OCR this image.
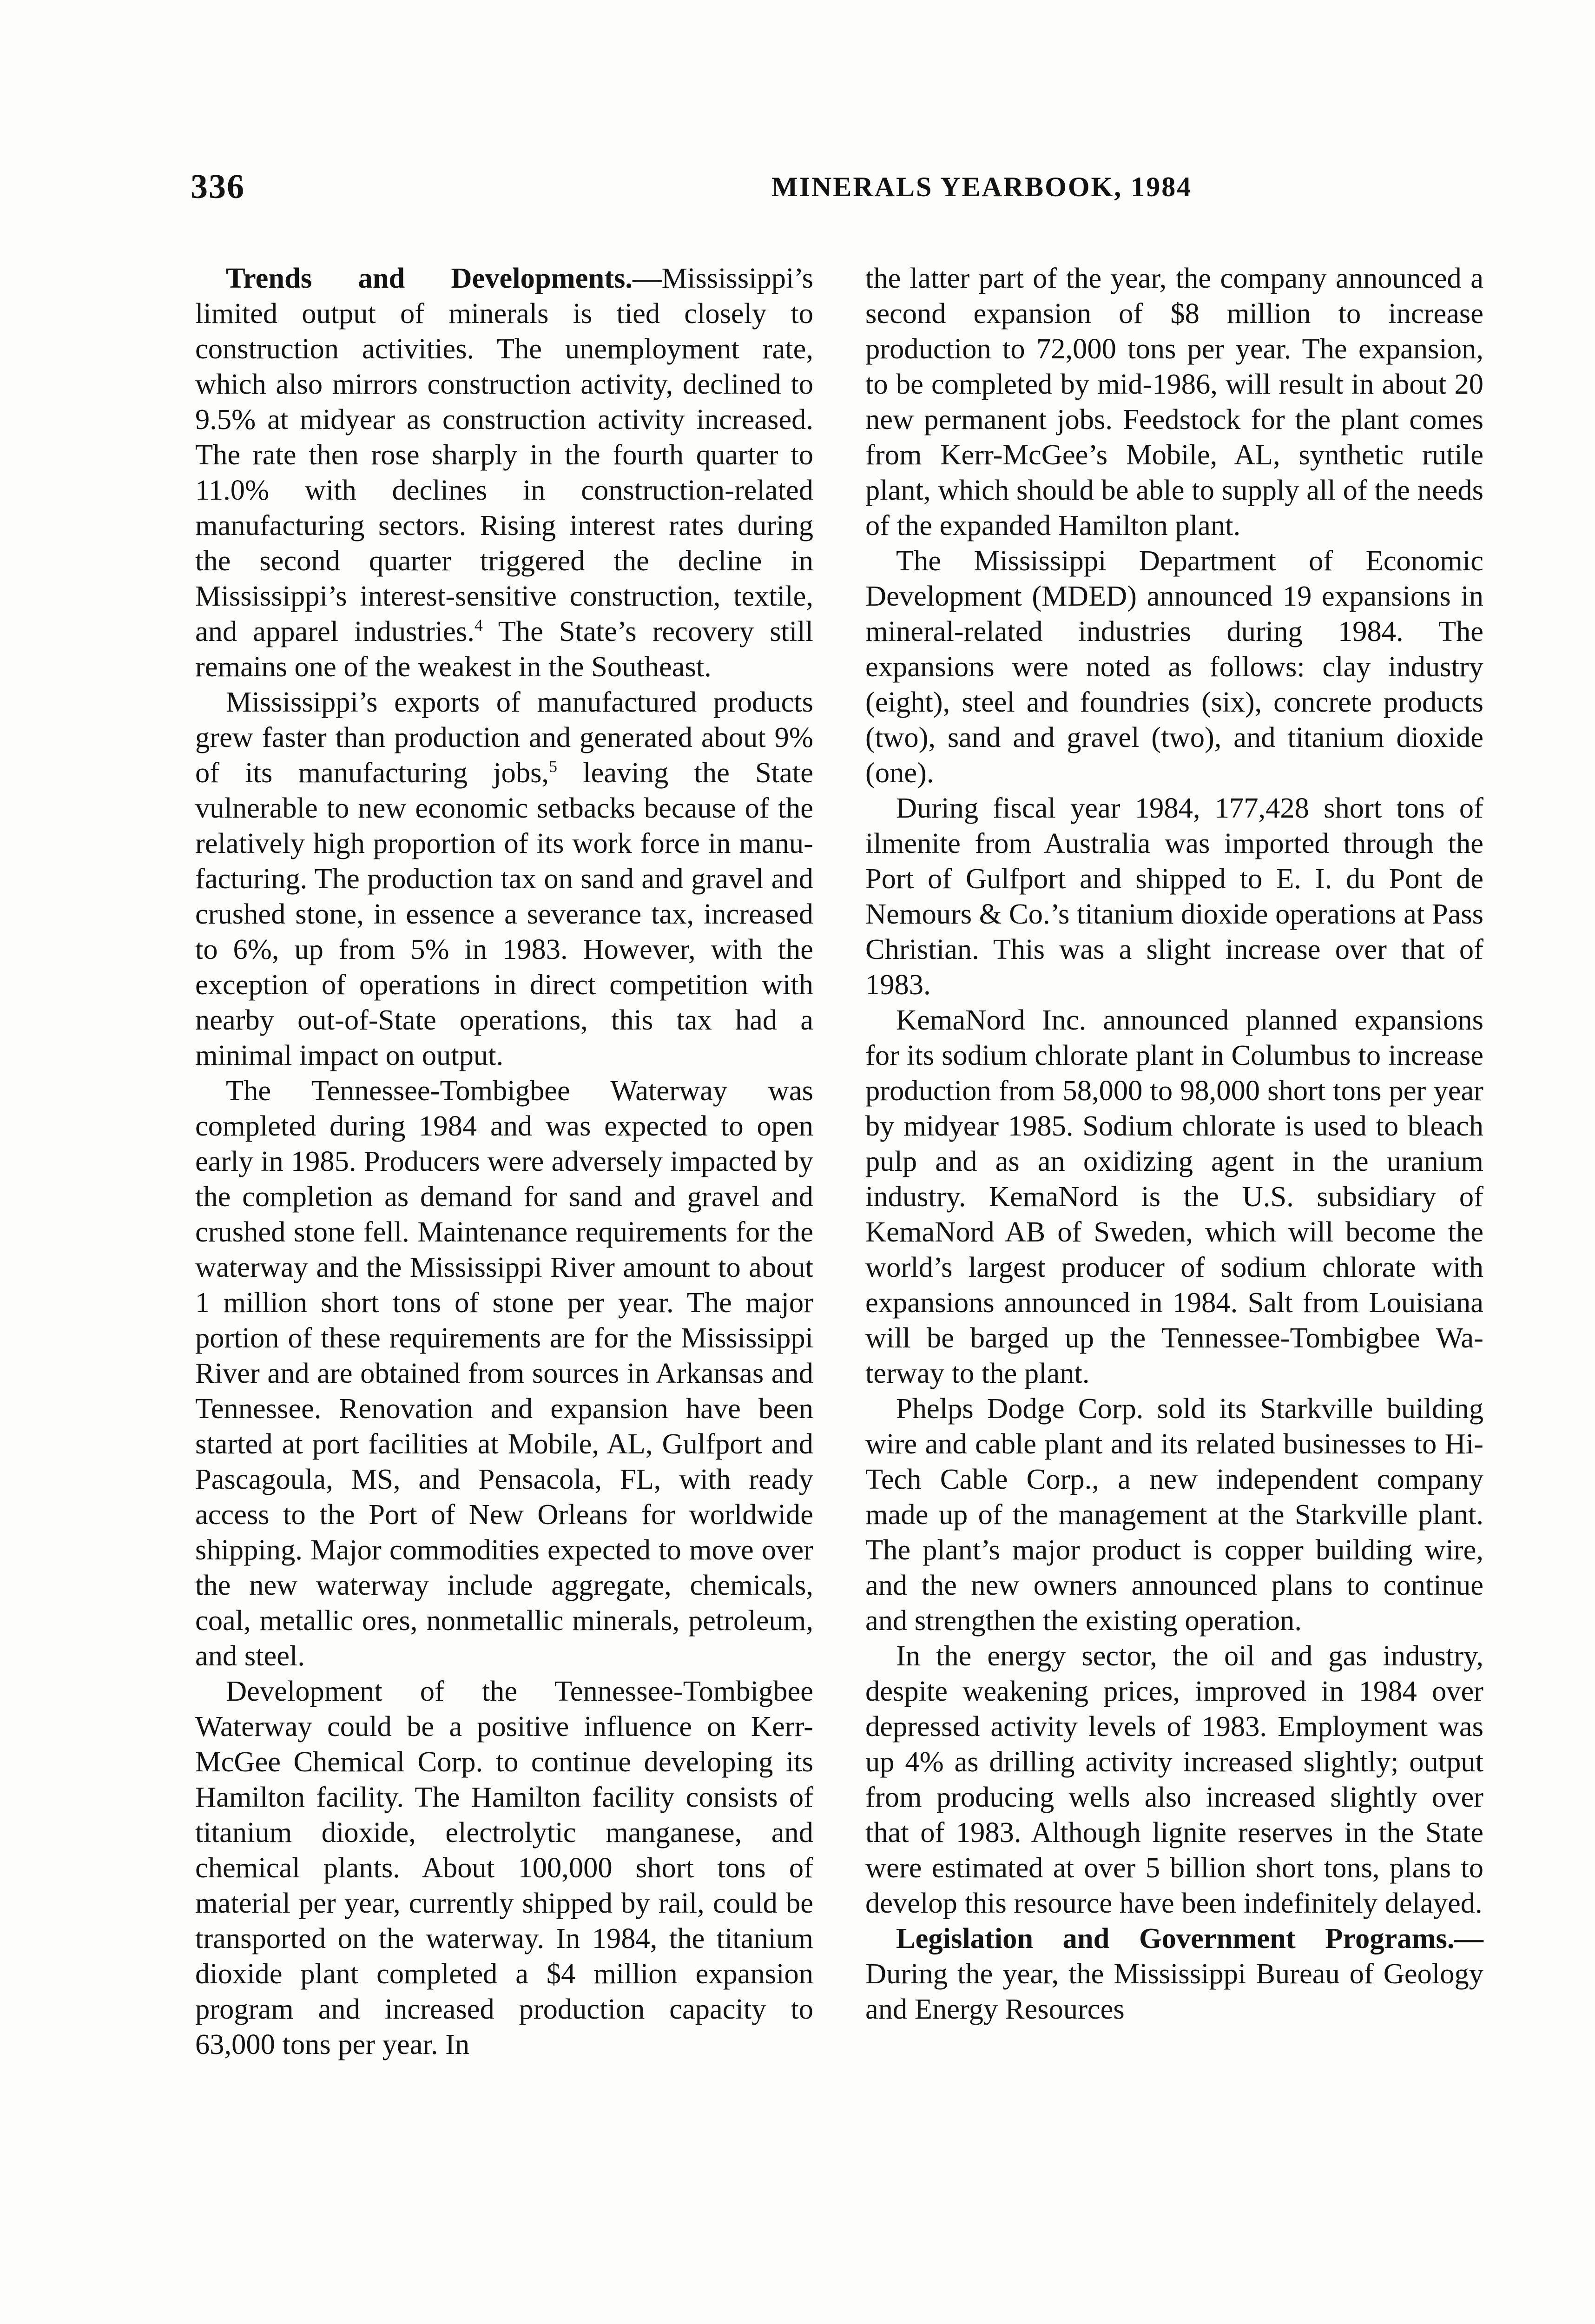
336	MINERALS YEARBOOK, 1984

Trends and Developments.—Mississippi’s limited output of minerals is tied closely to construction activities. The unemployment rate, which also mirrors construction activity, declined to 9.5% at midyear as construction activity increased. The rate then rose sharply in the fourth quarter to 11.0% with declines in construction-related manufacturing sectors. Rising interest rates during the second quarter triggered the decline in Mississippi’s interest-sensitive construction, textile, and apparel industries.$^4$ The State’s recovery still remains one of the weakest in the Southeast.

Mississippi’s exports of manufactured products grew faster than production and generated about 9% of its manufacturing jobs,$^5$ leaving the State vulnerable to new economic setbacks because of the relatively high proportion of its work force in manufacturing. The production tax on sand and gravel and crushed stone, in essence a severance tax, increased to 6%, up from 5% in 1983. However, with the exception of operations in direct competition with nearby out-of-State operations, this tax had a minimal impact on output.

The Tennessee-Tombigbee Waterway was completed during 1984 and was expected to open early in 1985. Producers were adversely impacted by the completion as demand for sand and gravel and crushed stone fell. Maintenance requirements for the waterway and the Mississippi River amount to about 1 million short tons of stone per year. The major portion of these requirements are for the Mississippi River and are obtained from sources in Arkansas and Tennessee. Renovation and expansion have been started at port facilities at Mobile, AL, Gulfport and Pascagoula, MS, and Pensacola, FL, with ready access to the Port of New Orleans for worldwide shipping. Major commodities expected to move over the new waterway include aggregate, chemicals, coal, metallic ores, nonmetallic minerals, petroleum, and steel.

Development of the Tennessee-Tombigbee Waterway could be a positive influence on Kerr-McGee Chemical Corp. to continue developing its Hamilton facility. The Hamilton facility consists of titanium dioxide, electrolytic manganese, and chemical plants. About 100,000 short tons of material per year, currently shipped by rail, could be transported on the waterway. In 1984, the titanium dioxide plant completed a $4 million expansion program and increased production capacity to 63,000 tons per year. In

the latter part of the year, the company announced a second expansion of $8 million to increase production to 72,000 tons per year. The expansion, to be completed by mid-1986, will result in about 20 new permanent jobs. Feedstock for the plant comes from Kerr-McGee’s Mobile, AL, synthetic rutile plant, which should be able to supply all of the needs of the expanded Hamilton plant.

The Mississippi Department of Economic Development (MDED) announced 19 expansions in mineral-related industries during 1984. The expansions were noted as follows: clay industry (eight), steel and foundries (six), concrete products (two), sand and gravel (two), and titanium dioxide (one).

During fiscal year 1984, 177,428 short tons of ilmenite from Australia was imported through the Port of Gulfport and shipped to E. I. du Pont de Nemours & Co.’s titanium dioxide operations at Pass Christian. This was a slight increase over that of 1983.

KemaNord Inc. announced planned expansions for its sodium chlorate plant in Columbus to increase production from 58,000 to 98,000 short tons per year by midyear 1985. Sodium chlorate is used to bleach pulp and as an oxidizing agent in the uranium industry. KemaNord is the U.S. subsidiary of KemaNord AB of Sweden, which will become the world’s largest producer of sodium chlorate with expansions announced in 1984. Salt from Louisiana will be barged up the Tennessee-Tombigbee Waterway to the plant.

Phelps Dodge Corp. sold its Starkville building wire and cable plant and its related businesses to Hi-Tech Cable Corp., a new independent company made up of the management at the Starkville plant. The plant’s major product is copper building wire, and the new owners announced plans to continue and strengthen the existing operation.

In the energy sector, the oil and gas industry, despite weakening prices, improved in 1984 over depressed activity levels of 1983. Employment was up 4% as drilling activity increased slightly; output from producing wells also increased slightly over that of 1983. Although lignite reserves in the State were estimated at over 5 billion short tons, plans to develop this resource have been indefinitely delayed.

Legislation and Government Programs.—During the year, the Mississippi Bureau of Geology and Energy Resources
